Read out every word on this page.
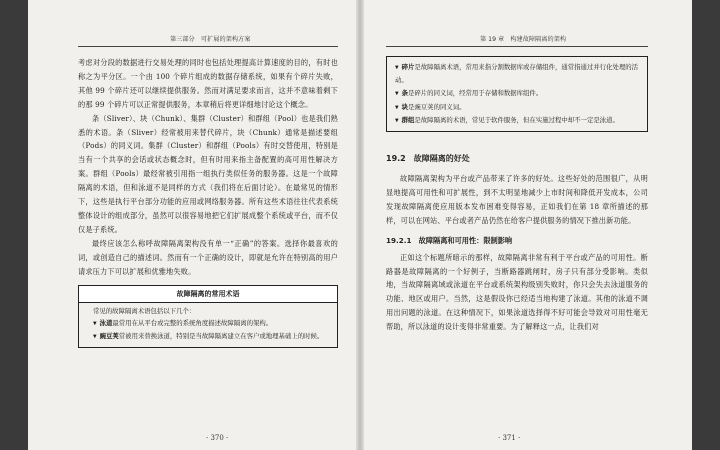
第三部分　可扩展的架构方案

考虑对分段的数据进行交易处理的同时也包括处理提高计算速度的目的，有时也称之为平分区。一个由 100 个碎片组成的数据存储系统，如果有个碎片失败，其他 99 个碎片还可以继续提供服务。然而对满足要求而言，这并不意味着剩下的那 99 个碎片可以正常提供服务，本章稍后将更详细地讨论这个概念。

条（Sliver）、块（Chunk）、集群（Cluster）和群组（Pool）也是我们熟悉的术语。条（Sliver）经常被用来替代碎片，块（Chunk）通常是描述要组（Pods）的同义词。集群（Cluster）和群组（Pools）有时交替使用，特别是当有一个共享的会话或状态概念时，但有时用来指主备配置的高可用性解决方案。群组（Pools）最经常被引用指一组执行类似任务的服务器。这是一个故障隔离的术语，但和泳道不是同样的方式（我们将在后面讨论）。在最常见的情形下，这些是执行平台部分功能的应用或网络服务器。所有这些术语往往代表系统整体设计的组成部分，虽然可以很容易地把它们扩展成整个系统或平台，而不仅仅是子系统。

最终应该怎么称呼故障隔离架构没有单一“正确”的答案。选择你最喜欢的词，或创造自己的描述词。然而有一个正确的设计，即就是允许在特别高的用户请求压力下可以扩展和优雅地失败。

故障隔离的常用术语
常见的故障隔离术语包括以下几个：
▼ 泳道最常用在从平台或完整的系统角度描述故障隔离的架构。
▼ 豌豆荚常被用来替换泳道，特别是当故障隔离建立在客户或地理基础上的时候。
· 370 ·
第 19 章　构建故障隔离的架构
▼ 碎片是故障隔离术语，常用来指分割数据库或存储组件，通常指通过并行化处理的活动。
▼ 条是碎片的同义词，经常用于存储和数据库组件。
▼ 块是豌豆荚的同义词。
▼ 群组是故障隔离的术语，常见于软件服务，但在实施过程中却不一定是泳道。
19.2　故障隔离的好处

故障隔离架构为平台或产品带来了许多的好处。这些好处的范围很广，从明显地提高可用性和可扩展性，到不太明显地减少上市时间和降低开发成本，公司发现故障隔离使应用版本发布困难变得容易，正如我们在第 18 章所描述的那样，可以在网站、平台或者产品仍然在给客户提供服务的情况下推出新功能。

19.2.1　故障隔离和可用性：限制影响

正如这个标题所暗示的那样，故障隔离非常有利于平台或产品的可用性。断路器是故障隔离的一个好例子，当断路器跳闸时，房子只有部分受影响。类似地，当故障隔离域或泳道在平台或系统架构级别失败时，你只会失去泳道服务的功能、地区或用户。当然，这是假设你已经适当地构建了泳道。其他的泳道不调用出问题的泳道。在这种情况下，如果泳道选择得不好可能会导致对可用性毫无帮助，所以泳道的设计变得非常重要。为了解释这一点，让我们对

· 371 ·
